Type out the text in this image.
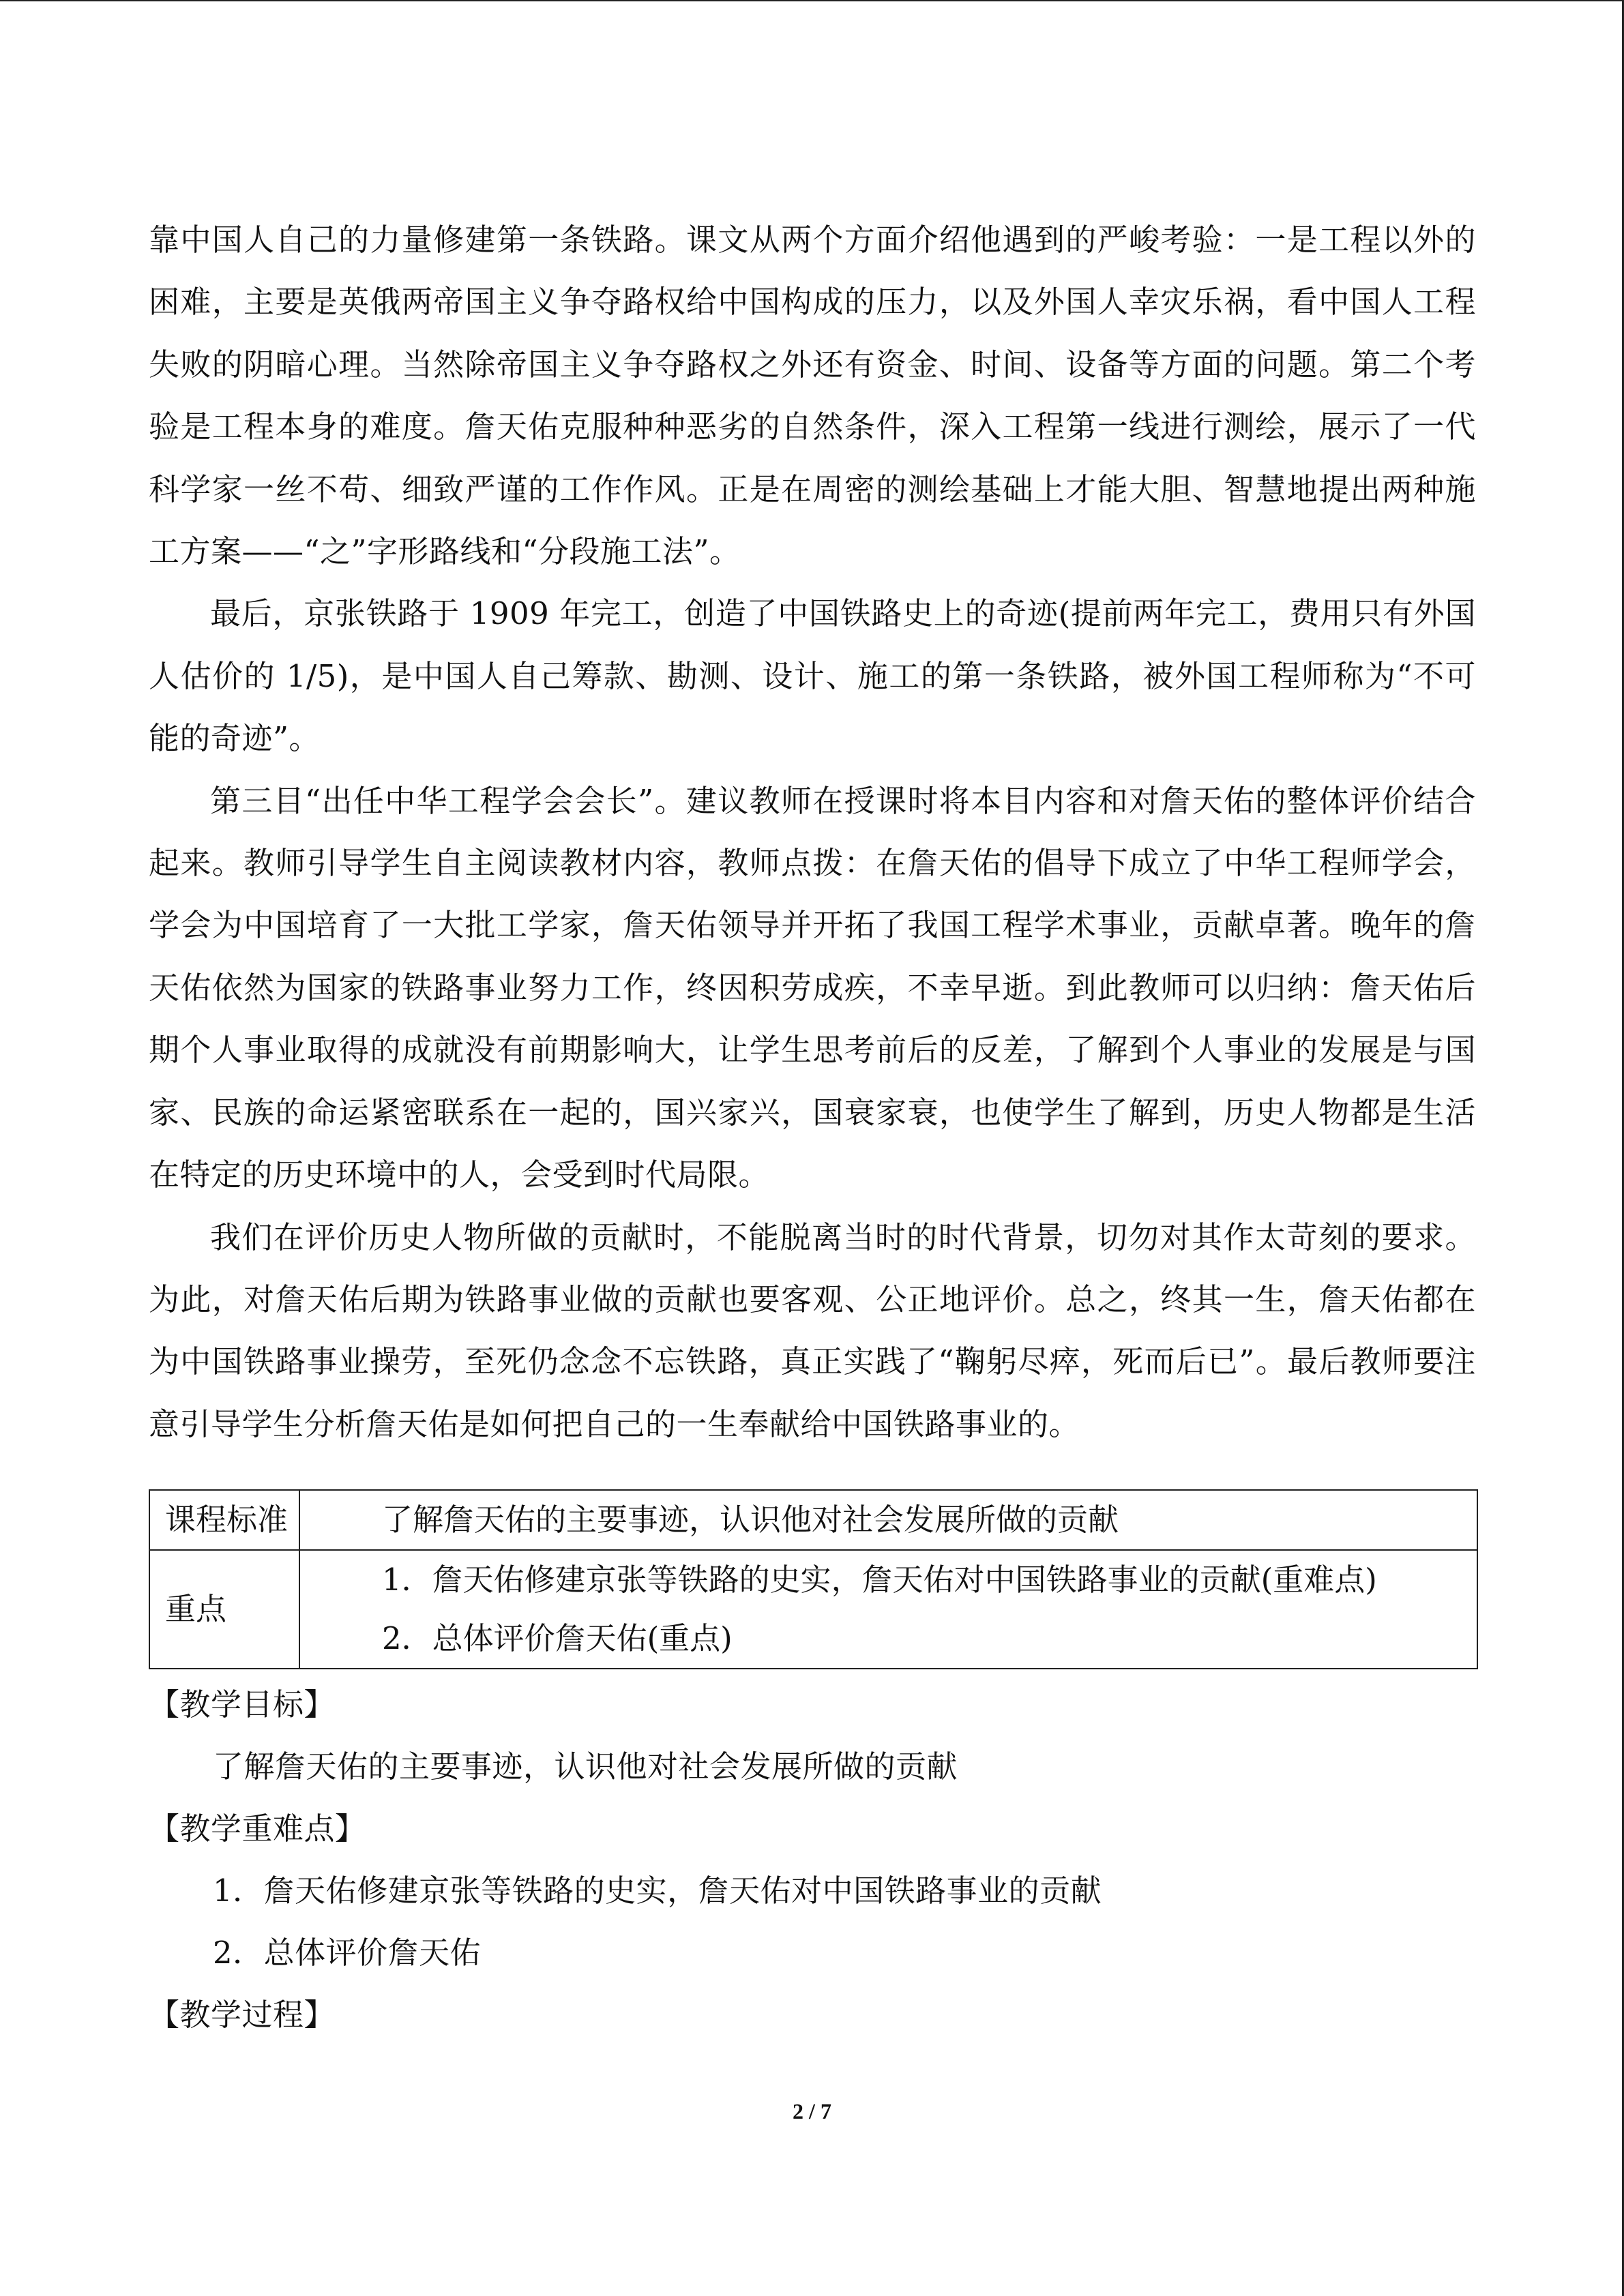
靠中国人自己的力量修建第一条铁路。课文从两个方面介绍他遇到的严峻考验：一是工程以外的困难，主要是英俄两帝国主义争夺路权给中国构成的压力，以及外国人幸灾乐祸，看中国人工程失败的阴暗心理。当然除帝国主义争夺路权之外还有资金、时间、设备等方面的问题。第二个考验是工程本身的难度。詹天佑克服种种恶劣的自然条件，深入工程第一线进行测绘，展示了一代科学家一丝不苟、细致严谨的工作作风。正是在周密的测绘基础上才能大胆、智慧地提出两种施工方案——“之”字形路线和“分段施工法”。

最后，京张铁路于 1909 年完工，创造了中国铁路史上的奇迹(提前两年完工，费用只有外国人估价的 1/5)，是中国人自己筹款、勘测、设计、施工的第一条铁路，被外国工程师称为“不可能的奇迹”。

第三目“出任中华工程学会会长”。建议教师在授课时将本目内容和对詹天佑的整体评价结合起来。教师引导学生自主阅读教材内容，教师点拨：在詹天佑的倡导下成立了中华工程师学会，学会为中国培育了一大批工学家，詹天佑领导并开拓了我国工程学术事业，贡献卓著。晚年的詹天佑依然为国家的铁路事业努力工作，终因积劳成疾，不幸早逝。到此教师可以归纳：詹天佑后期个人事业取得的成就没有前期影响大，让学生思考前后的反差，了解到个人事业的发展是与国家、民族的命运紧密联系在一起的，国兴家兴，国衰家衰，也使学生了解到，历史人物都是生活在特定的历史环境中的人，会受到时代局限。

我们在评价历史人物所做的贡献时，不能脱离当时的时代背景，切勿对其作太苛刻的要求。为此，对詹天佑后期为铁路事业做的贡献也要客观、公正地评价。总之，终其一生，詹天佑都在为中国铁路事业操劳，至死仍念念不忘铁路，真正实践了“鞠躬尽瘁，死而后已”。最后教师要注意引导学生分析詹天佑是如何把自己的一生奉献给中国铁路事业的。

课程标准	了解詹天佑的主要事迹，认识他对社会发展所做的贡献
重点	1．詹天佑修建京张等铁路的史实，詹天佑对中国铁路事业的贡献(重难点)
2．总体评价詹天佑(重点)

【教学目标】

了解詹天佑的主要事迹，认识他对社会发展所做的贡献

【教学重难点】

1．詹天佑修建京张等铁路的史实，詹天佑对中国铁路事业的贡献

2．总体评价詹天佑

【教学过程】

2 / 7
